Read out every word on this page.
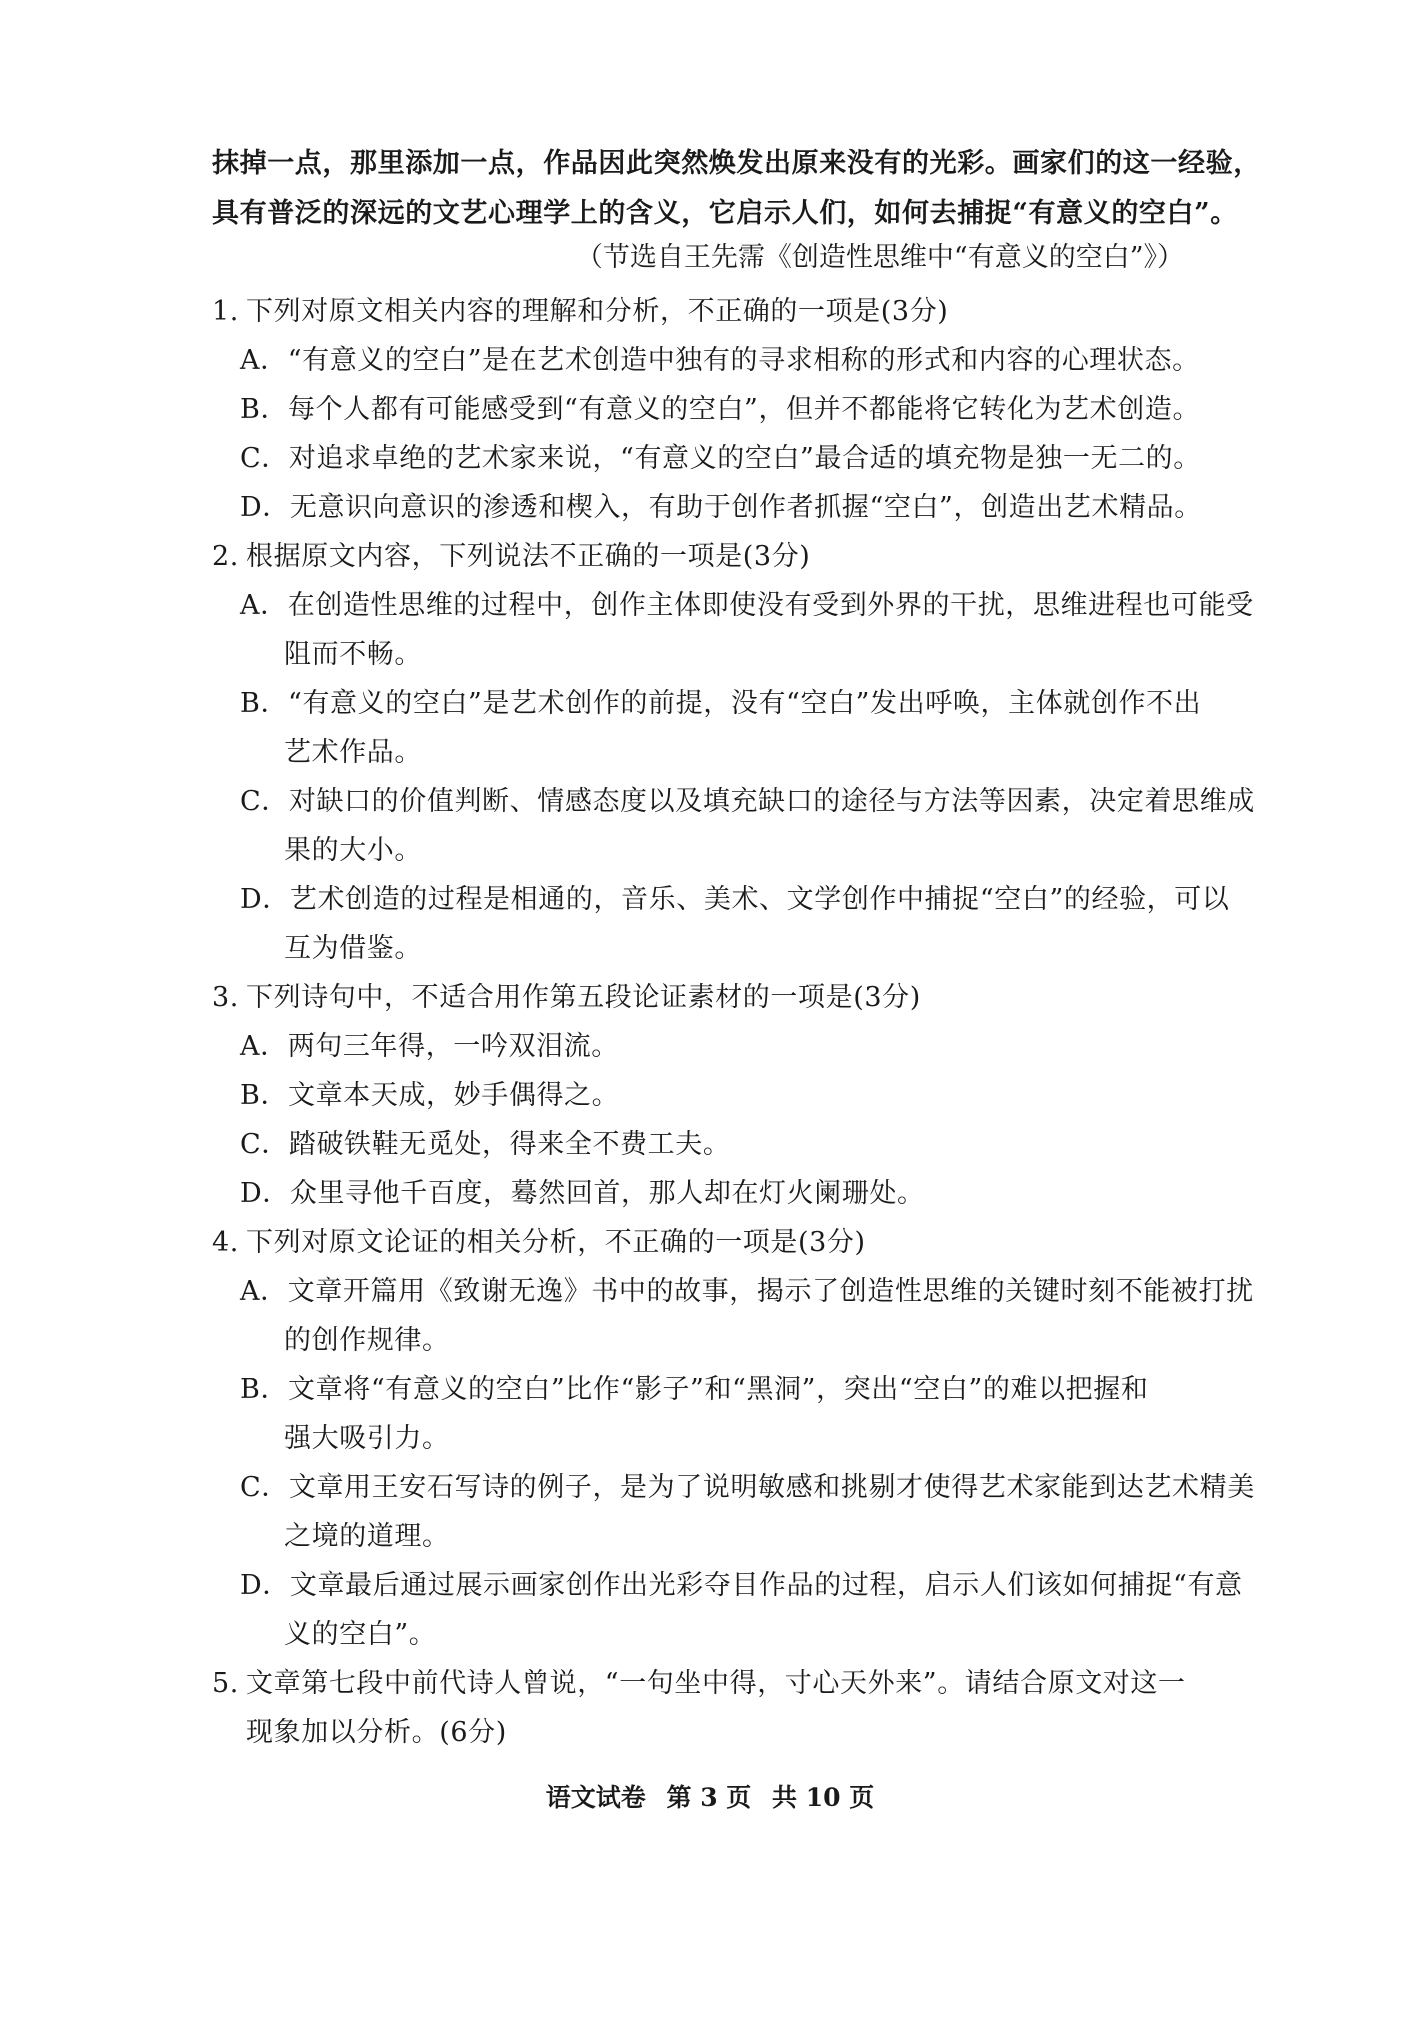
抹掉一点，那里添加一点，作品因此突然焕发出原来没有的光彩。画家们的这一经验，
具有普泛的深远的文艺心理学上的含义，它启示人们，如何去捕捉“有意义的空白”。
（节选自王先霈《创造性思维中“有意义的空白”》）
1. 下列对原文相关内容的理解和分析，不正确的一项是(3分)
A．“有意义的空白”是在艺术创造中独有的寻求相称的形式和内容的心理状态。
B．每个人都有可能感受到“有意义的空白”，但并不都能将它转化为艺术创造。
C．对追求卓绝的艺术家来说，“有意义的空白”最合适的填充物是独一无二的。
D．无意识向意识的渗透和楔入，有助于创作者抓握“空白”，创造出艺术精品。
2. 根据原文内容，下列说法不正确的一项是(3分)
A．在创造性思维的过程中，创作主体即使没有受到外界的干扰，思维进程也可能受
阻而不畅。
B．“有意义的空白”是艺术创作的前提，没有“空白”发出呼唤，主体就创作不出
艺术作品。
C．对缺口的价值判断、情感态度以及填充缺口的途径与方法等因素，决定着思维成
果的大小。
D．艺术创造的过程是相通的，音乐、美术、文学创作中捕捉“空白”的经验，可以
互为借鉴。
3. 下列诗句中，不适合用作第五段论证素材的一项是(3分)
A．两句三年得，一吟双泪流。
B．文章本天成，妙手偶得之。
C．踏破铁鞋无觅处，得来全不费工夫。
D．众里寻他千百度，蓦然回首，那人却在灯火阑珊处。
4. 下列对原文论证的相关分析，不正确的一项是(3分)
A．文章开篇用《致谢无逸》书中的故事，揭示了创造性思维的关键时刻不能被打扰
的创作规律。
B．文章将“有意义的空白”比作“影子”和“黑洞”，突出“空白”的难以把握和
强大吸引力。
C．文章用王安石写诗的例子，是为了说明敏感和挑剔才使得艺术家能到达艺术精美
之境的道理。
D．文章最后通过展示画家创作出光彩夺目作品的过程，启示人们该如何捕捉“有意
义的空白”。
5. 文章第七段中前代诗人曾说，“一句坐中得，寸心天外来”。请结合原文对这一
现象加以分析。(6分)
语文试卷 第 3 页 共 10 页
